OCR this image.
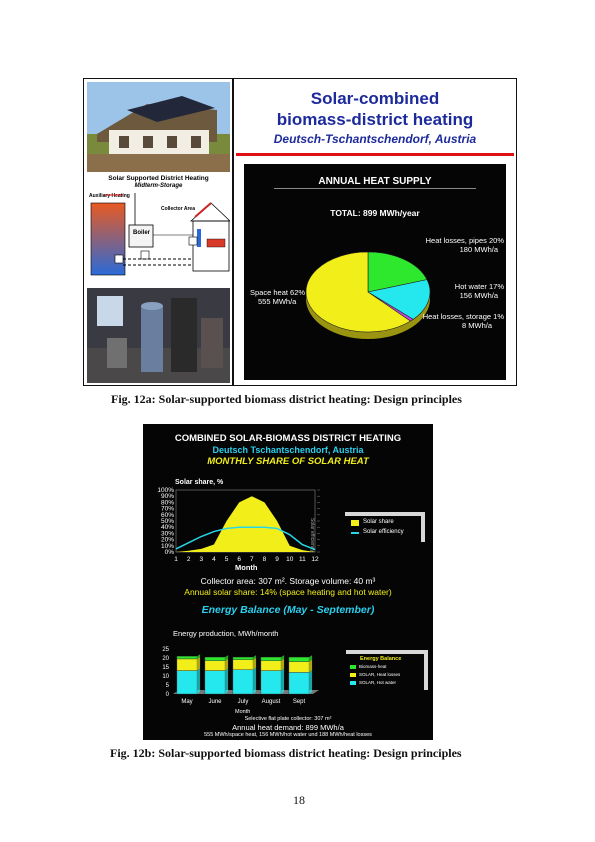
Solar Supported District Heating
Midterm-Storage
Auxiliary Heating
Collector Area
Boiler
Solar-combined
biomass-district heating
Deutsch-Tschantschendorf, Austria
ANNUAL HEAT SUPPLY
TOTAL: 899 MWh/year
Heat losses, pipes 20%
180 MWh/a
Hot water 17%
156 MWh/a
Heat losses, storage 1%
8 MWh/a
Space heat 62%
555 MWh/a
Fig. 12a: Solar-supported biomass district heating: Design principles
COMBINED SOLAR-BIOMASS DISTRICT HEATING
Deutsch Tschantschendorf, Austria
MONTHLY SHARE OF SOLAR HEAT
Solar share, %
Solar efficiency
0%
10%
20%
30%
40%
50%
60%
70%
80%
90%
100%
1 2 3 4 5 6 7 8 9 10 11 12
Solar share
Solar efficiency
Month
Collector area: 307 m². Storage volume: 40 m³
Annual solar share: 14% (space heating and hot water)
Energy Balance (May - September)
Energy production, MWh/month
0
5
10
15
20
25
May	June	July August Sept
Energy Balance
Biomass-heat
SOLAR, Heat losses
SOLAR, Hot water
Month
Selective flat plate collector: 307 m²
Annual heat demand: 899 MWh/a
555 MWh/space heat, 156 MWh/hot water und 188 MWh/heat losses
Fig. 12b: Solar-supported biomass district heating: Design principles
18
